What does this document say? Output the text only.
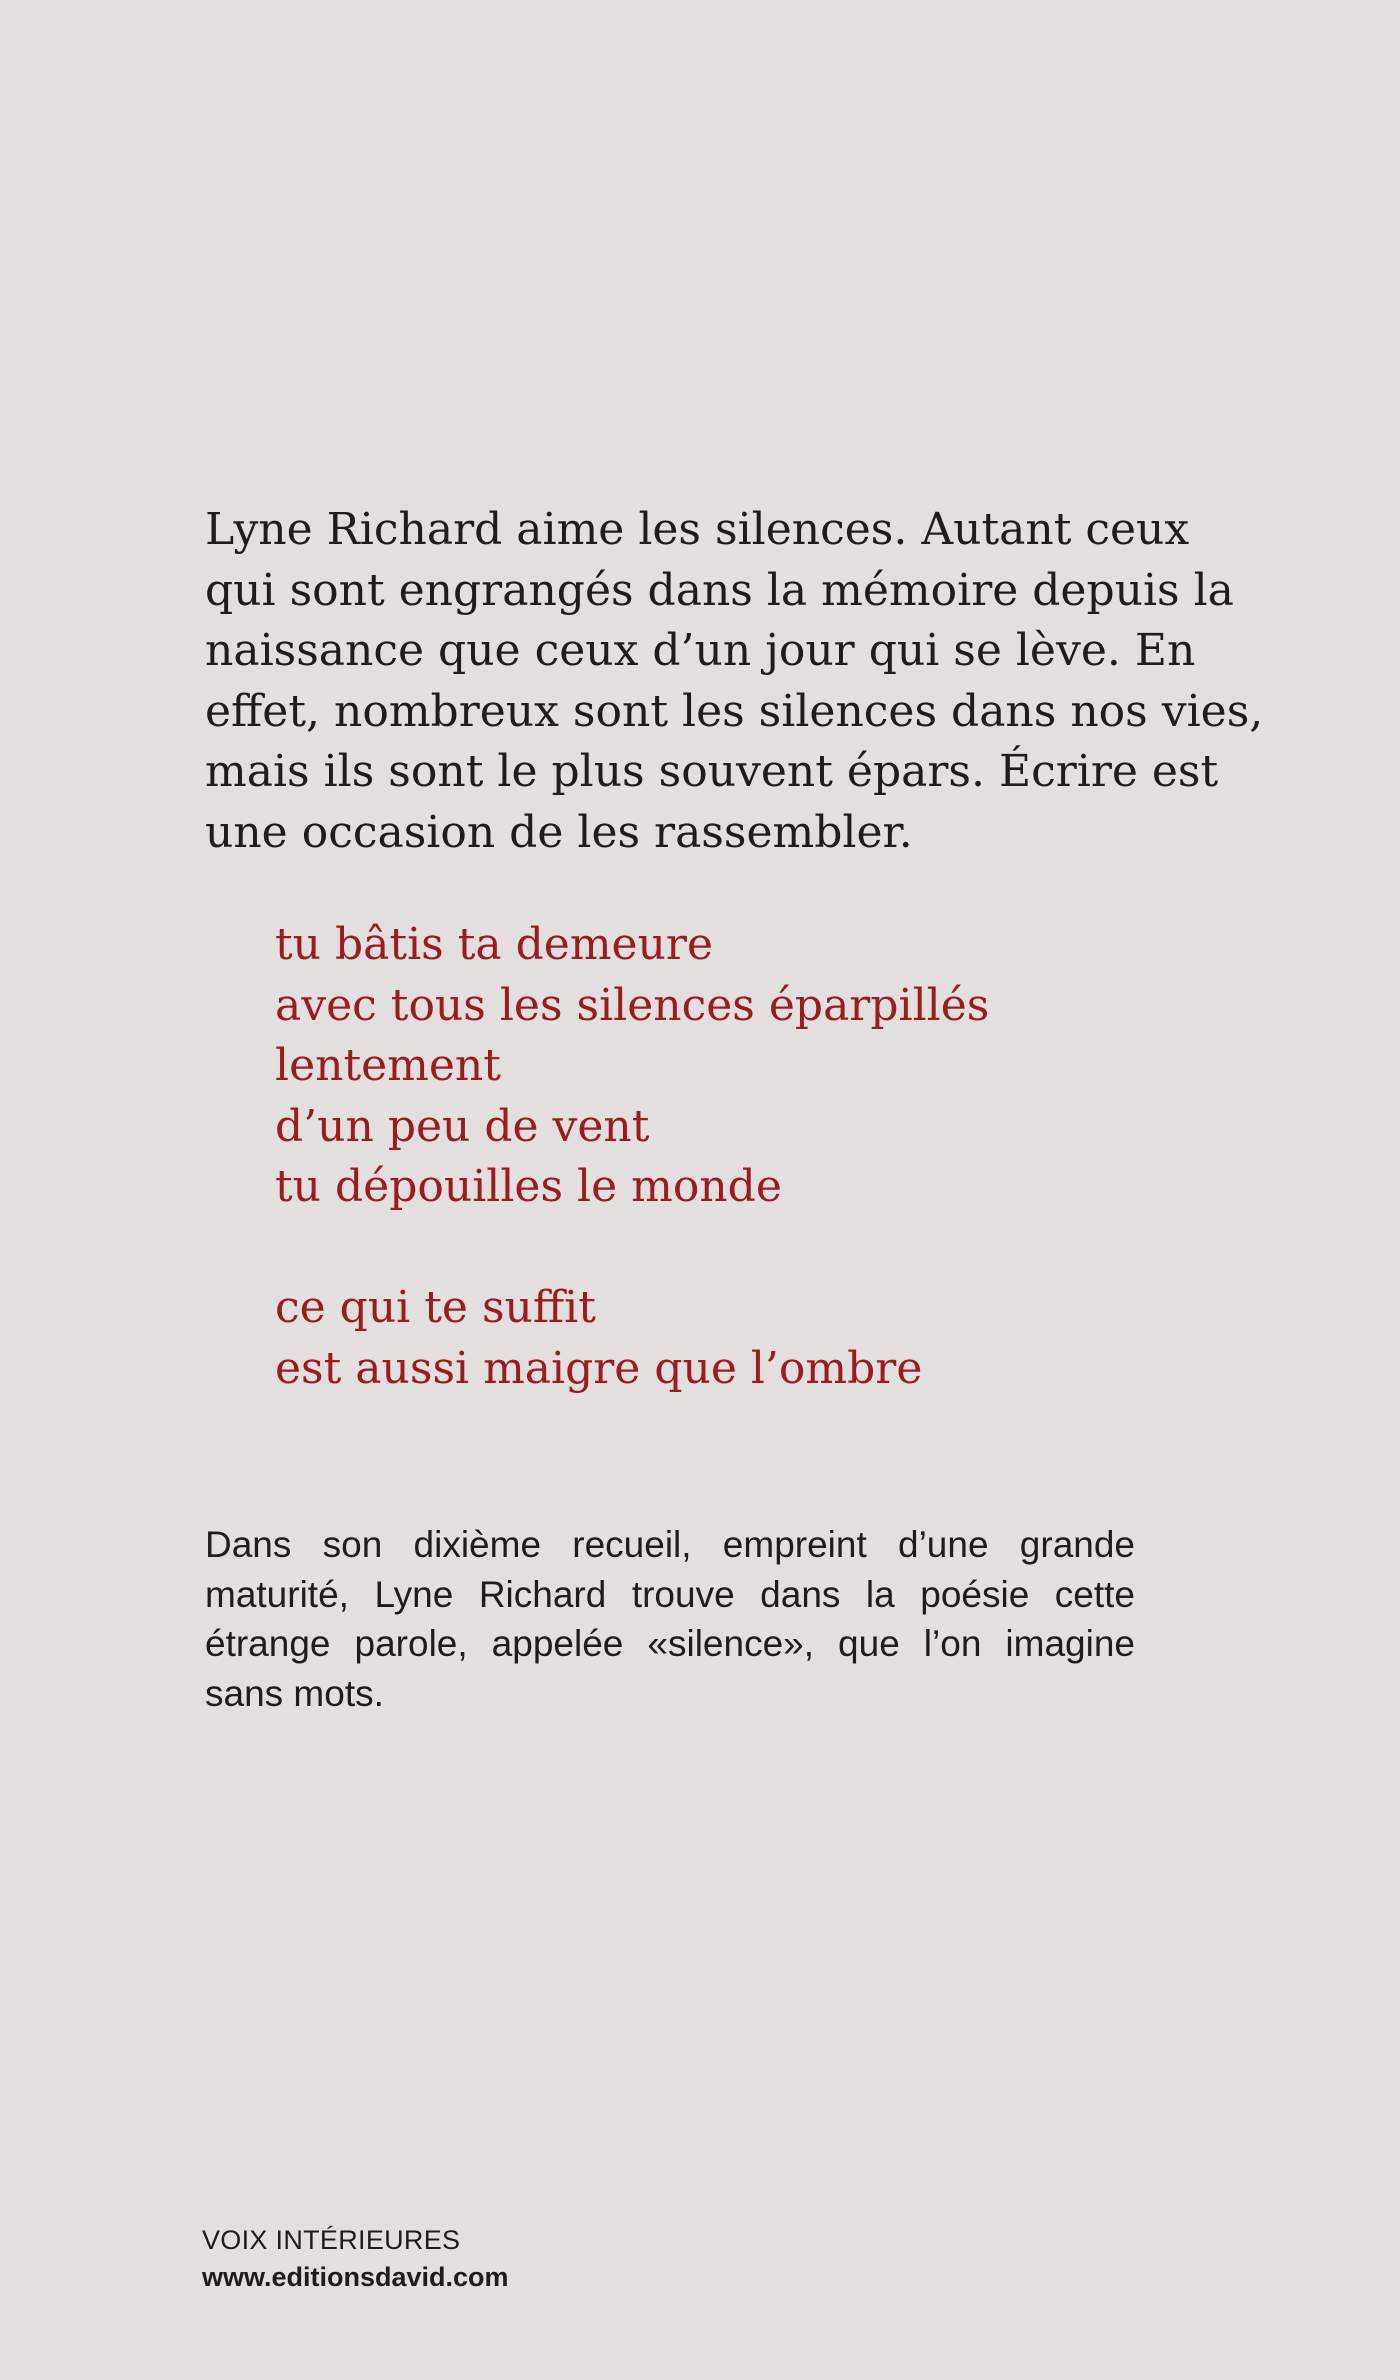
Lyne Richard aime les silences. Autant ceux
qui sont engrangés dans la mémoire depuis la
naissance que ceux d’un jour qui se lève. En
effet, nombreux sont les silences dans nos vies,
mais ils sont le plus souvent épars. Écrire est
une occasion de les rassembler.

tu bâtis ta demeure
avec tous les silences éparpillés
lentement
d’un peu de vent
tu dépouilles le monde

ce qui te suffit
est aussi maigre que l’ombre

Dans son dixième recueil, empreint d’une grande
maturité, Lyne Richard trouve dans la poésie cette
étrange parole, appelée «silence», que l’on imagine
sans mots.

VOIX INTÉRIEURES
www.editionsdavid.com
